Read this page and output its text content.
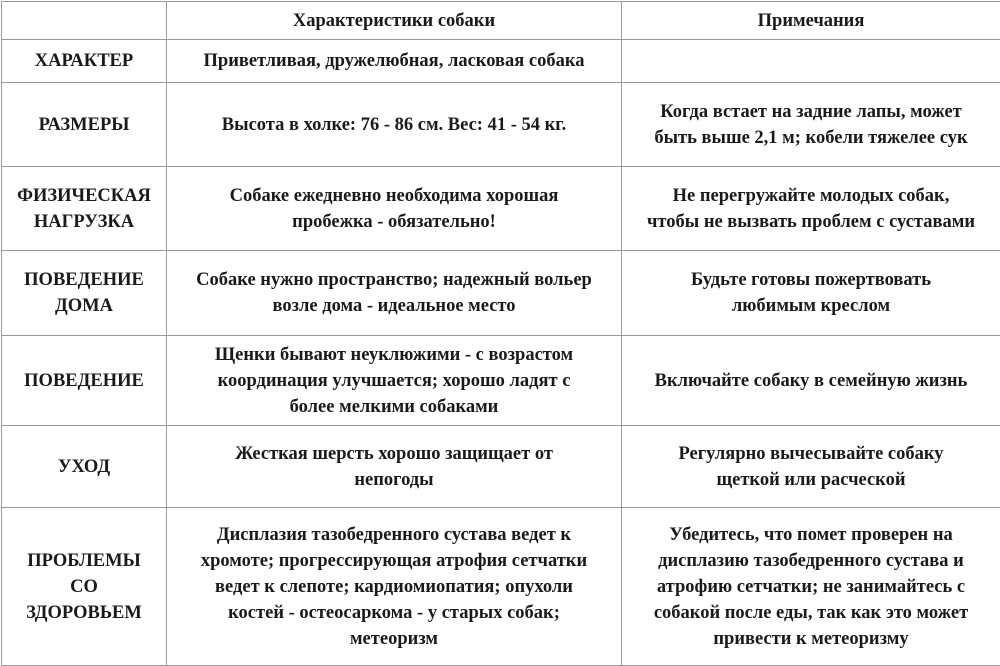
	Характеристики собаки	Примечания
ХАРАКТЕР	Приветливая, дружелюбная, ласковая собака	

РАЗМЕРЫ	Высота в холке: 76 - 86 см. Вес: 41 - 54 кг.	Когда встает на задние лапы, может
быть выше 2,1 м; кобели тяжелее сук
ФИЗИЧЕСКАЯ
НАГРУЗКА	Собаке ежедневно необходима хорошая
пробежка - обязательно!	Не перегружайте молодых собак,
чтобы не вызвать проблем с суставами
ПОВЕДЕНИЕ
ДОМА	Собаке нужно пространство; надежный вольер
возле дома - идеальное место	Будьте готовы пожертвовать
любимым креслом
ПОВЕДЕНИЕ	Щенки бывают неуклюжими - с возрастом
координация улучшается; хорошо ладят с
более мелкими собаками	Включайте собаку в семейную жизнь
УХОД	Жесткая шерсть хорошо защищает от
непогоды	Регулярно вычесывайте собаку
щеткой или расческой
ПРОБЛЕМЫ
СО
ЗДОРОВЬЕМ	Дисплазия тазобедренного сустава ведет к
хромоте; прогрессирующая атрофия сетчатки
ведет к слепоте; кардиомиопатия; опухоли
костей - остеосаркома - у старых собак;
метеоризм	Убедитесь, что помет проверен на
дисплазию тазобедренного сустава и
атрофию сетчатки; не занимайтесь с
собакой после еды, так как это может
привести к метеоризму
